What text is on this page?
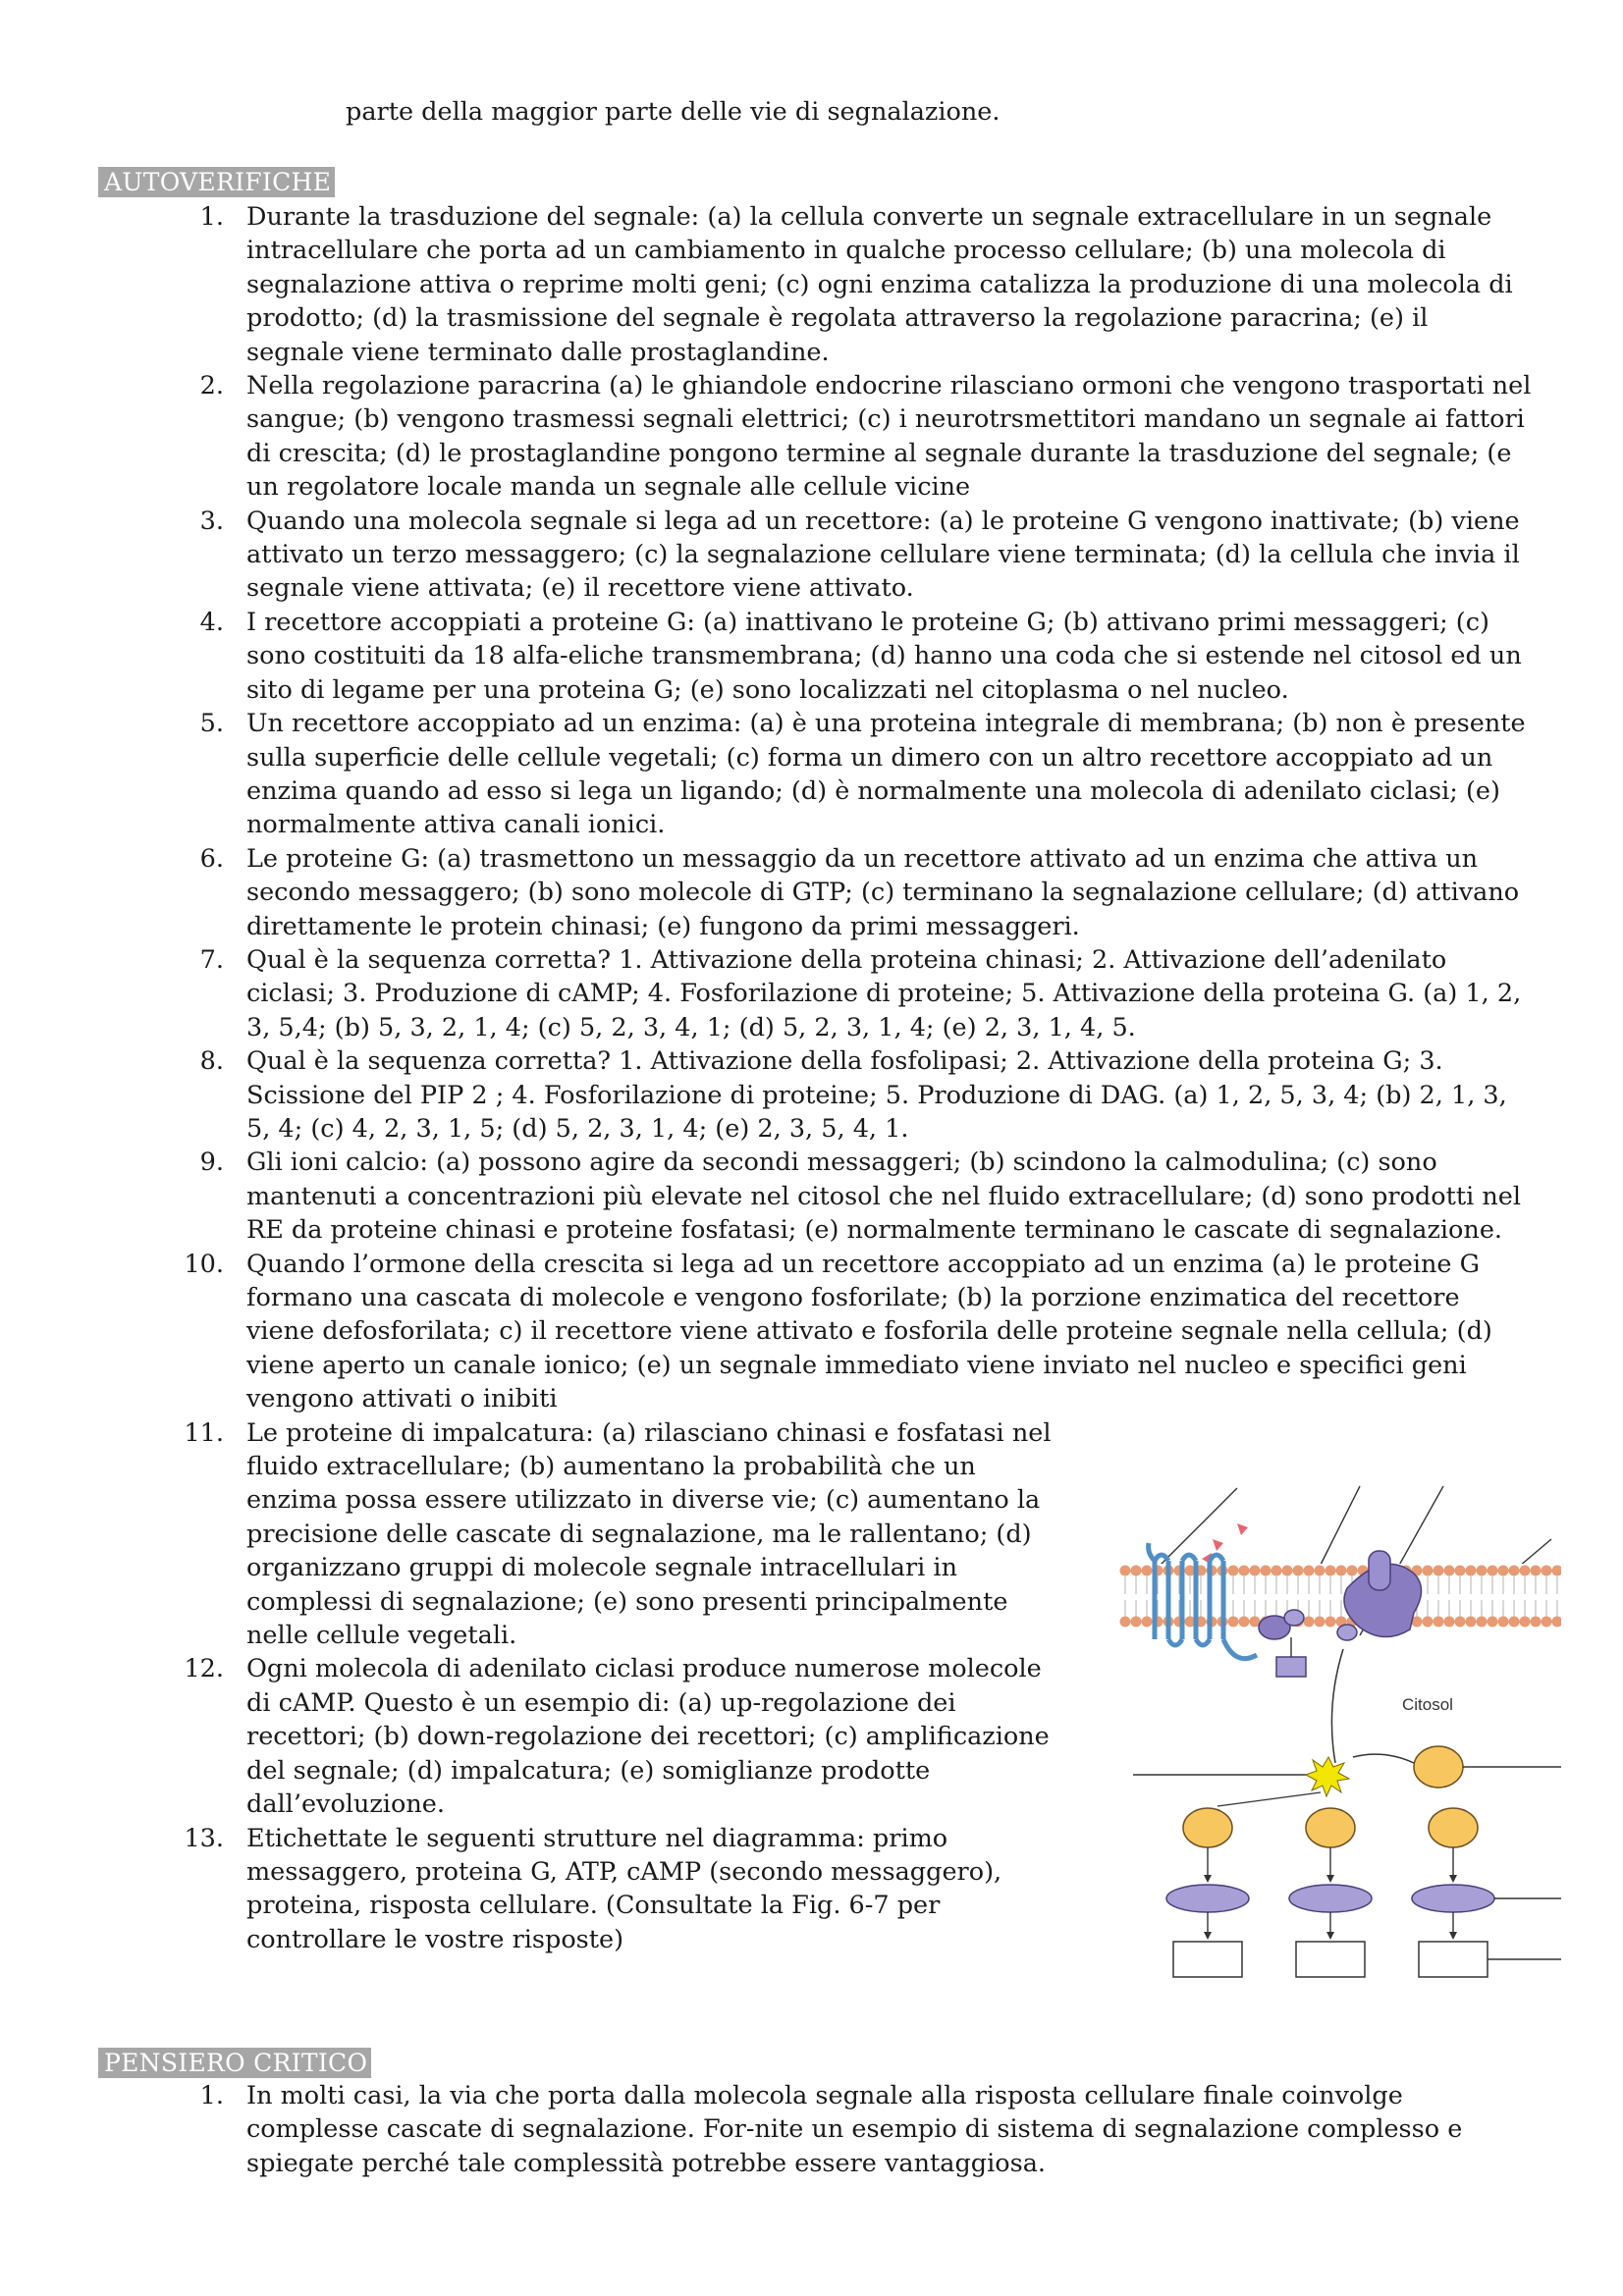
parte della maggior parte delle vie di segnalazione.
AUTOVERIFICHE
1. Durante la trasduzione del segnale: (a) la cellula converte un segnale extracellulare in un segnale intracellulare che porta ad un cambiamento in qualche processo cellulare; (b) una molecola di segnalazione attiva o reprime molti geni; (c) ogni enzima catalizza la produzione di una molecola di prodotto; (d) la trasmissione del segnale è regolata attraverso la regolazione paracrina; (e) il segnale viene terminato dalle prostaglandine.
2. Nella regolazione paracrina (a) le ghiandole endocrine rilasciano ormoni che vengono trasportati nel sangue; (b) vengono trasmessi segnali elettrici; (c) i neurotrsmettitori mandano un segnale ai fattori di crescita; (d) le prostaglandine pongono termine al segnale durante la trasduzione del segnale; (e un regolatore locale manda un segnale alle cellule vicine
3. Quando una molecola segnale si lega ad un recettore: (a) le proteine G vengono inattivate; (b) viene attivato un terzo messaggero; (c) la segnalazione cellulare viene terminata; (d) la cellula che invia il segnale viene attivata; (e) il recettore viene attivato.
4. I recettore accoppiati a proteine G: (a) inattivano le proteine G; (b) attivano primi messaggeri; (c) sono costituiti da 18 alfa-eliche transmembrana; (d) hanno una coda che si estende nel citosol ed un sito di legame per una proteina G; (e) sono localizzati nel citoplasma o nel nucleo.
5. Un recettore accoppiato ad un enzima: (a) è una proteina integrale di membrana; (b) non è presente sulla superficie delle cellule vegetali; (c) forma un dimero con un altro recettore accoppiato ad un enzima quando ad esso si lega un ligando; (d) è normalmente una molecola di adenilato ciclasi; (e) normalmente attiva canali ionici.
6. Le proteine G: (a) trasmettono un messaggio da un recettore attivato ad un enzima che attiva un secondo messaggero; (b) sono molecole di GTP; (c) terminano la segnalazione cellulare; (d) attivano direttamente le protein chinasi; (e) fungono da primi messaggeri.
7. Qual è la sequenza corretta? 1. Attivazione della proteina chinasi; 2. Attivazione dell’adenilato ciclasi; 3. Produzione di cAMP; 4. Fosforilazione di proteine; 5. Attivazione della proteina G. (a) 1, 2, 3, 5,4; (b) 5, 3, 2, 1, 4; (c) 5, 2, 3, 4, 1; (d) 5, 2, 3, 1, 4; (e) 2, 3, 1, 4, 5.
8. Qual è la sequenza corretta? 1. Attivazione della fosfolipasi; 2. Attivazione della proteina G; 3. Scissione del PIP 2 ; 4. Fosforilazione di proteine; 5. Produzione di DAG. (a) 1, 2, 5, 3, 4; (b) 2, 1, 3, 5, 4; (c) 4, 2, 3, 1, 5; (d) 5, 2, 3, 1, 4; (e) 2, 3, 5, 4, 1.
9. Gli ioni calcio: (a) possono agire da secondi messaggeri; (b) scindono la calmodulina; (c) sono mantenuti a concentrazioni più elevate nel citosol che nel fluido extracellulare; (d) sono prodotti nel RE da proteine chinasi e proteine fosfatasi; (e) normalmente terminano le cascate di segnalazione.
10. Quando l’ormone della crescita si lega ad un recettore accoppiato ad un enzima (a) le proteine G formano una cascata di molecole e vengono fosforilate; (b) la porzione enzimatica del recettore viene defosforilata; c) il recettore viene attivato e fosforila delle proteine segnale nella cellula; (d) viene aperto un canale ionico; (e) un segnale immediato viene inviato nel nucleo e specifici geni vengono attivati o inibiti
11. Le proteine di impalcatura: (a) rilasciano chinasi e fosfatasi nel fluido extracellulare; (b) aumentano la probabilità che un enzima possa essere utilizzato in diverse vie; (c) aumentano la precisione delle cascate di segnalazione, ma le rallentano; (d) organizzano gruppi di molecole segnale intracellulari in complessi di segnalazione; (e) sono presenti principalmente nelle cellule vegetali.
12. Ogni molecola di adenilato ciclasi produce numerose molecole di cAMP. Questo è un esempio di: (a) up-regolazione dei recettori; (b) down-regolazione dei recettori; (c) amplificazione del segnale; (d) impalcatura; (e) somiglianze prodotte dall’evoluzione.
13. Etichettate le seguenti strutture nel diagramma: primo messaggero, proteina G, ATP, cAMP (secondo messaggero), proteina, risposta cellulare. (Consultate la Fig. 6-7 per controllare le vostre risposte)
Citosol
PENSIERO CRITICO
1. In molti casi, la via che porta dalla molecola segnale alla risposta cellulare finale coinvolge complesse cascate di segnalazione. For-nite un esempio di sistema di segnalazione complesso e spiegate perché tale complessità potrebbe essere vantaggiosa.
